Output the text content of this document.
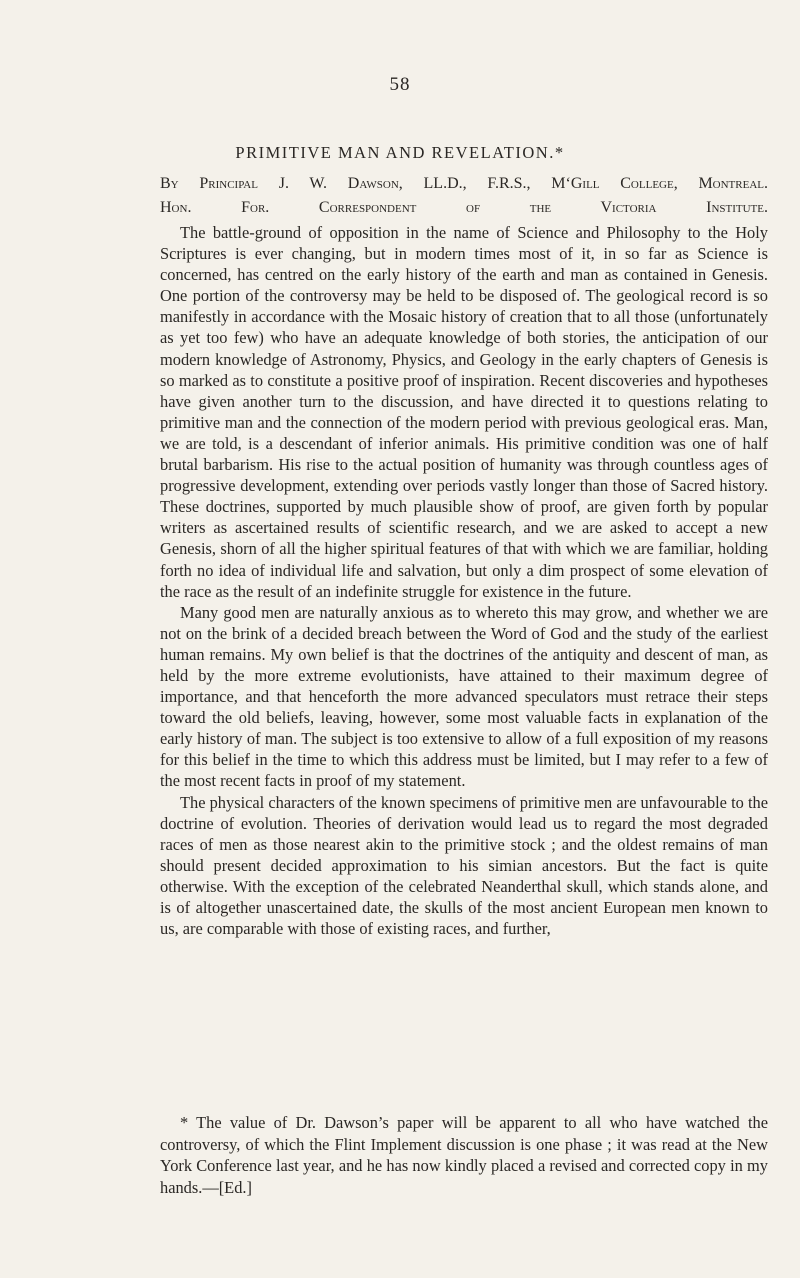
58
PRIMITIVE MAN AND REVELATION.*
By Principal J. W. Dawson, LL.D., F.R.S., M‘Gill College, Montreal.
Hon. For. Correspondent of the Victoria Institute.

The battle-ground of opposition in the name of Science and Philosophy to the Holy Scriptures is ever changing, but in modern times most of it, in so far as Science is concerned, has centred on the early history of the earth and man as contained in Genesis. One portion of the controversy may be held to be disposed of. The geological record is so manifestly in accordance with the Mosaic history of creation that to all those (unfortunately as yet too few) who have an adequate knowledge of both stories, the anticipation of our modern knowledge of Astronomy, Physics, and Geology in the early chapters of Genesis is so marked as to constitute a positive proof of inspiration. Recent discoveries and hypotheses have given another turn to the discussion, and have directed it to questions relating to primitive man and the connection of the modern period with previous geological eras. Man, we are told, is a descendant of inferior animals. His primitive condition was one of half brutal barbarism. His rise to the actual position of humanity was through countless ages of progressive development, extending over periods vastly longer than those of Sacred history. These doctrines, supported by much plausible show of proof, are given forth by popular writers as ascertained results of scientific research, and we are asked to accept a new Genesis, shorn of all the higher spiritual features of that with which we are familiar, holding forth no idea of individual life and salvation, but only a dim prospect of some elevation of the race as the result of an indefinite struggle for existence in the future.

Many good men are naturally anxious as to whereto this may grow, and whether we are not on the brink of a decided breach between the Word of God and the study of the earliest human remains. My own belief is that the doctrines of the antiquity and descent of man, as held by the more extreme evolutionists, have attained to their maximum degree of importance, and that henceforth the more advanced speculators must retrace their steps toward the old beliefs, leaving, however, some most valuable facts in explanation of the early history of man. The subject is too extensive to allow of a full exposition of my reasons for this belief in the time to which this address must be limited, but I may refer to a few of the most recent facts in proof of my statement.

The physical characters of the known specimens of primitive men are unfavourable to the doctrine of evolution. Theories of derivation would lead us to regard the most degraded races of men as those nearest akin to the primitive stock ; and the oldest remains of man should present decided approximation to his simian ancestors. But the fact is quite otherwise. With the exception of the celebrated Neanderthal skull, which stands alone, and is of altogether unascertained date, the skulls of the most ancient European men known to us, are comparable with those of existing races, and further,

* The value of Dr. Dawson’s paper will be apparent to all who have watched the controversy, of which the Flint Implement discussion is one phase ; it was read at the New York Conference last year, and he has now kindly placed a revised and corrected copy in my hands.—[Ed.]
